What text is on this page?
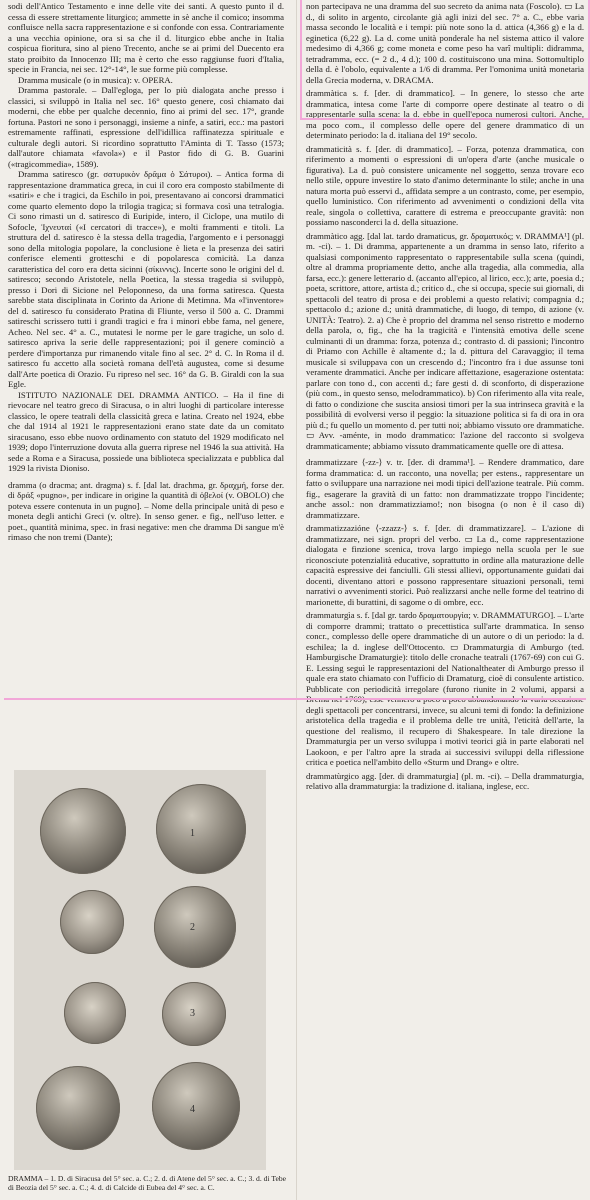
sodi dell'Antico Testamento e inne delle vite dei santi. A questo punto il d. cessa di essere strettamente liturgico; ammette in sè anche il comico; insomma confluisce nella sacra rappresentazione e si confonde con essa. Contrariamente a una vecchia opinione, ora si sa che il d. liturgico ebbe anche in Italia cospicua fioritura, sino al pieno Trecento, anche se ai primi del Duecento era stato proibito da Innocenzo III; ma è certo che esso raggiunse fuori d'Italia, specie in Francia, nei sec. 12°-14°, le sue forme più complesse.

Dramma musicale (o in musica): v. OPERA.

Dramma pastorale. – Dall'egloga, per lo più dialogata anche presso i classici, si sviluppò in Italia nel sec. 16° questo genere, così chiamato dai moderni, che ebbe per qualche decennio, fino ai primi del sec. 17°, grande fortuna. Pastori ne sono i personaggi, insieme a ninfe, a satiri, ecc.: ma pastori estremamente raffinati, espressione dell'idillica raffinatezza spirituale e culturale degli autori. Si ricordino soprattutto l'Aminta di T. Tasso (1573; dall'autore chiamata «favola») e il Pastor fido di G. B. Guarini («tragicommedia», 1589).

Dramma satiresco (gr. σατυρικὸν δρᾶμα ὁ Σάτυροι). – Antica forma di rappresentazione drammatica greca, in cui il coro era composto stabilmente di «satiri» e che i tragici, da Eschilo in poi, presentavano ai concorsi drammatici come quarto elemento dopo la trilogia tragica; si formava così una tetralogia. Ci sono rimasti un d. satiresco di Euripide, intero, il Ciclope, una mutilo di Sofocle, Ἰχνευταί («I cercatori di tracce»), e molti frammenti e titoli. La struttura del d. satiresco è la stessa della tragedia, l'argomento e i personaggi sono della mitologia popolare, la conclusione è lieta e la presenza dei satiri conferisce elementi grotteschi e di popolaresca comicità. La danza caratteristica del coro era detta sicinni (σίκιννις). Incerte sono le origini del d. satiresco; secondo Aristotele, nella Poetica, la stessa tragedia si sviluppò, presso i Dori di Sicione nel Peloponneso, da una forma satiresca. Questa sarebbe stata disciplinata in Corinto da Arione di Metimna. Ma «l'inventore» del d. satiresco fu considerato Pratina di Fliunte, verso il 500 a. C. Drammi satireschi scrissero tutti i grandi tragici e fra i minori ebbe fama, nel genere, Acheo. Nel sec. 4° a. C., mutatesi le norme per le gare tragiche, un solo d. satiresco apriva la serie delle rappresentazioni; poi il genere cominciò a perdere d'importanza pur rimanendo vitale fino al sec. 2° d. C. In Roma il d. satiresco fu accetto alla società romana dell'età augustea, come si desume dall'Arte poetica di Orazio. Fu ripreso nel sec. 16° da G. B. Giraldi con la sua Egle.

ISTITUTO NAZIONALE DEL DRAMMA ANTICO. – Ha il fine di rievocare nel teatro greco di Siracusa, o in altri luoghi di particolare interesse classico, le opere teatrali della classicità greca e latina. Creato nel 1924, ebbe che dal 1914 al 1921 le rappresentazioni erano state date da un comitato siracusano, esso ebbe nuovo ordinamento con statuto del 1929 modificato nel 1939; dopo l'interruzione dovuta alla guerra riprese nel 1946 la sua attività. Ha sede a Roma e a Siracusa, possiede una biblioteca specializzata e pubblica dal 1929 la rivista Dioniso.

dramma (o dracma; ant. dragma) s. f. [dal lat. drachma, gr. δραχμή, forse der. di δράξ «pugno», per indicare in origine la quantità di ὀβελοί (v. OBOLO) che poteva essere contenuta in un pugno]. – Nome della principale unità di peso e moneta degli antichi Greci (v. oltre). In senso gener. e fig., nell'uso letter. e poet., quantità minima, spec. in frasi negative: men che dramma Di sangue m'è rimaso che non tremi (Dante);

1
2
3
4
DRAMMA – 1. D. di Siracusa del 5° sec. a. C.; 2. d. di Atene del 5° sec. a. C.; 3. d. di Tebe di Beozia del 5° sec. a. C.; 4. d. di Calcide di Eubea del 4° sec. a. C.

non partecipava ne una dramma del suo secreto da anima nata (Foscolo). ▭ La d., di solito in argento, circolante già agli inizi del sec. 7° a. C., ebbe varia massa secondo le località e i tempi: più note sono la d. attica (4,366 g) e la d. eginetica (6,22 g). La d. come unità ponderale ha nel sistema attico il valore medesimo di 4,366 g; come moneta e come peso ha varî multipli: didramma, tetradramma, ecc. (= 2 d., 4 d.); 100 d. costituiscono una mina. Sottomultiplo della d. è l'obolo, equivalente a 1/6 di dramma. Per l'omonima unità monetaria della Grecia moderna, v. DRACMA.

drammàtica s. f. [der. di drammatico]. – In genere, lo stesso che arte drammatica, intesa come l'arte di comporre opere destinate al teatro o di rappresentarle sulla scena: la d. ebbe in quell'epoca numerosi cultori. Anche, ma poco com., il complesso delle opere del genere drammatico di un determinato periodo: la d. italiana del 19° secolo.

drammaticità s. f. [der. di drammatico]. – Forza, potenza drammatica, con riferimento a momenti o espressioni di un'opera d'arte (anche musicale o figurativa). La d. può consistere unicamente nel soggetto, senza trovare eco nello stile, oppure investire lo stato d'animo determinante lo stile; anche in una natura morta può esservi d., affidata sempre a un contrasto, come, per esempio, quello luministico. Con riferimento ad avvenimenti o condizioni della vita reale, singola o collettiva, carattere di estrema e preoccupante gravità: non possiamo nasconderci la d. della situazione.

drammàtico agg. [dal lat. tardo dramaticus, gr. δραματικός; v. DRAMMA¹] (pl. m. -ci). – 1. Di dramma, appartenente a un dramma in senso lato, riferito a qualsiasi componimento rappresentato o rappresentabile sulla scena (quindi, oltre al dramma propriamente detto, anche alla tragedia, alla commedia, alla farsa, ecc.): genere letterario d. (accanto all'epico, al lirico, ecc.); arte, poesia d.; poeta, scrittore, attore, artista d.; critico d., che si occupa, specie sui giornali, di spettacoli del teatro di prosa e dei problemi a questo relativi; compagnia d.; spettacolo d.; azione d.; unità drammatiche, di luogo, di tempo, di azione (v. UNITÀ: Teatro). 2. a) Che è proprio del dramma nel senso ristretto e moderno della parola, o, fig., che ha la tragicità e l'intensità emotiva delle scene culminanti di un dramma: forza, potenza d.; contrasto d. di passioni; l'incontro di Priamo con Achille è altamente d.; la d. pittura del Caravaggio; il tema musicale si sviluppava con un crescendo d.; l'incontro fra i due assunse toni veramente drammatici. Anche per indicare affettazione, esagerazione ostentata: parlare con tono d., con accenti d.; fare gesti d. di sconforto, di disperazione (più com., in questo senso, melodrammatico). b) Con riferimento alla vita reale, di fatto o condizione che suscita ansiosi timori per la sua intrinseca gravità e la possibilità di evolversi verso il peggio: la situazione politica si fa di ora in ora più d.; fu quello un momento d. per tutti noi; abbiamo vissuto ore drammatiche. ▭ Avv. -aménte, in modo drammatico: l'azione del racconto si svolgeva drammaticamente; abbiamo vissuto drammaticamente quelle ore di attesa.

drammatizzare ⟨-zz-⟩ v. tr. [der. di dramma¹]. – Rendere drammatico, dare forma drammatica: d. un racconto, una novella; per estens., rappresentare un fatto o sviluppare una narrazione nei modi tipici dell'azione teatrale. Più comm. fig., esagerare la gravità di un fatto: non drammatizzate troppo l'incidente; anche assol.: non drammatizziamo!; non bisogna (o non è il caso di) drammatizzare.

drammatizzazióne ⟨-zzazz-⟩ s. f. [der. di drammatizzare]. – L'azione di drammatizzare, nei sign. propri del verbo. ▭ La d., come rappresentazione dialogata e finzione scenica, trova largo impiego nella scuola per le sue riconosciute potenzialità educative, soprattutto in ordine alla maturazione delle capacità espressive dei fanciulli. Gli stessi allievi, opportunamente guidati dai docenti, diventano attori e possono rappresentare situazioni personali, temi narrativi o avvenimenti storici. Può realizzarsi anche nelle forme del teatrino di marionette, di burattini, di sagome o di ombre, ecc.

drammaturgìa s. f. [dal gr. tardo δραματουργία; v. DRAMMATURGO]. – L'arte di comporre drammi; trattato o precettistica sull'arte drammatica. In senso concr., complesso delle opere drammatiche di un autore o di un periodo: la d. eschilea; la d. inglese dell'Ottocento. ▭ Drammaturgia di Amburgo (ted. Hamburgische Dramaturgie): titolo delle cronache teatrali (1767-69) con cui G. E. Lessing seguì le rappresentazioni del Nationaltheater di Amburgo presso il quale era stato chiamato con l'ufficio di Dramaturg, cioè di consulente artistico. Pubblicate con periodicità irregolare (furono riunite in 2 volumi, apparsi a Brema nel 1769), esse vennero a poco a poco abbandonando la varia occasione degli spettacoli per concentrarsi, invece, su alcuni temi di fondo: la definizione aristotelica della tragedia e il problema delle tre unità, l'eticità dell'arte, la questione del realismo, il recupero di Shakespeare. In tale direzione la Drammaturgia per un verso sviluppa i motivi teorici già in parte elaborati nel Laokoon, e per l'altro apre la strada ai successivi sviluppi della riflessione critica e poetica nell'ambito dello «Sturm und Drang» e oltre.

drammatùrgico agg. [der. di drammaturgia] (pl. m. -ci). – Della drammaturgia, relativo alla drammaturgia: la tradizione d. italiana, inglese, ecc.
